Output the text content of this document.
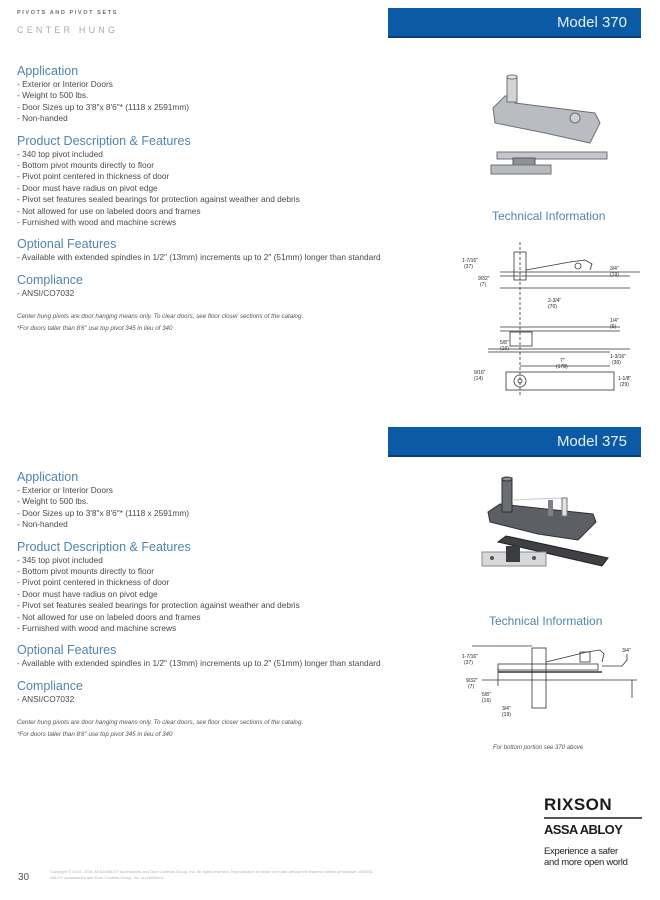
PIVOTS AND PIVOT SETS
CENTER HUNG	Model 370
Application
- Exterior or Interior Doors
- Weight to 500 lbs.
- Door Sizes up to 3'8"x 8'6"* (1118 x 2591mm)
- Non-handed
Product Description & Features
- 340 top pivot included
- Bottom pivot mounts directly to floor
- Pivot point centered in thickness of door
- Door must have radius on pivot edge
- Pivot set features sealed bearings for protection against weather and debris
- Not allowed for use on labeled doors and frames
- Furnished with wood and machine screws
Optional Features
- Available with extended spindles in 1/2" (13mm) increments up to 2" (51mm) longer than standard
Compliance
- ANSI/CO7032
Center hung pivots are door hanging means only. To clear doors, see floor closer sections of the catalog.
*For doors taller than 8'6" use top pivot 345 in lieu of 340
Technical Information
1-7/16"
(37)
9/32"
(7)
3/4"
(19)
2-3/4"
(70)
1/4"
(6)
5/8"
(16)
1-3/16"
(30)
7"
(178)
9/16"
(14)	1-1/8"
(29)
Model 375
Application
- Exterior or Interior Doors
- Weight to 500 lbs.
- Door Sizes up to 3'8"x 8'6"* (1118 x 2591mm)
- Non-handed
Product Description & Features
- 345 top pivot included
- Bottom pivot mounts directly to floor
- Pivot point centered in thickness of door
- Door must have radius on pivot edge
- Pivot set features sealed bearings for protection against weather and debris
- Not allowed for use on labeled doors and frames
- Furnished with wood and machine screws
Optional Features
- Available with extended spindles in 1/2" (13mm) increments up to 2" (51mm) longer than standard
Compliance
- ANSI/CO7032
Center hung pivots are door hanging means only. To clear doors, see floor closer sections of the catalog.
*For doors taller than 8'6" use top pivot 345 in lieu of 340
Technical Information
1-7/16"
(37)
9/32"
(7)
5/8"
(16)
3/4"
(19)
3/4"
For bottom portion see 370 above
RIXSON
ASSA ABLOY
Experience a safer
and more open world
30
Copyright © 2016, 2018, ASSA ABLOY Accessories and Door Controls Group, Inc. All rights reserved. Reproduction in whole or in part without the express written permission of ASSA ABLOY Accessories and Door Controls Group, Inc. is prohibited.
